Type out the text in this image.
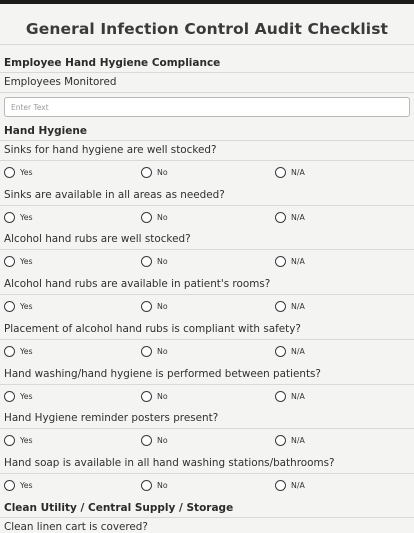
General Infection Control Audit Checklist
Employee Hand Hygiene Compliance
Employees Monitored
Enter Text
Hand Hygiene
Sinks for hand hygiene are well stocked?
Yes	No	N/A
Sinks are available in all areas as needed?
Yes	No	N/A
Alcohol hand rubs are well stocked?
Yes	No	N/A
Alcohol hand rubs are available in patient's rooms?
Yes	No	N/A
Placement of alcohol hand rubs is compliant with safety?
Yes	No	N/A
Hand washing/hand hygiene is performed between patients?
Yes	No	N/A
Hand Hygiene reminder posters present?
Yes	No	N/A
Hand soap is available in all hand washing stations/bathrooms?
Yes	No	N/A
Clean Utility / Central Supply / Storage
Clean linen cart is covered?
